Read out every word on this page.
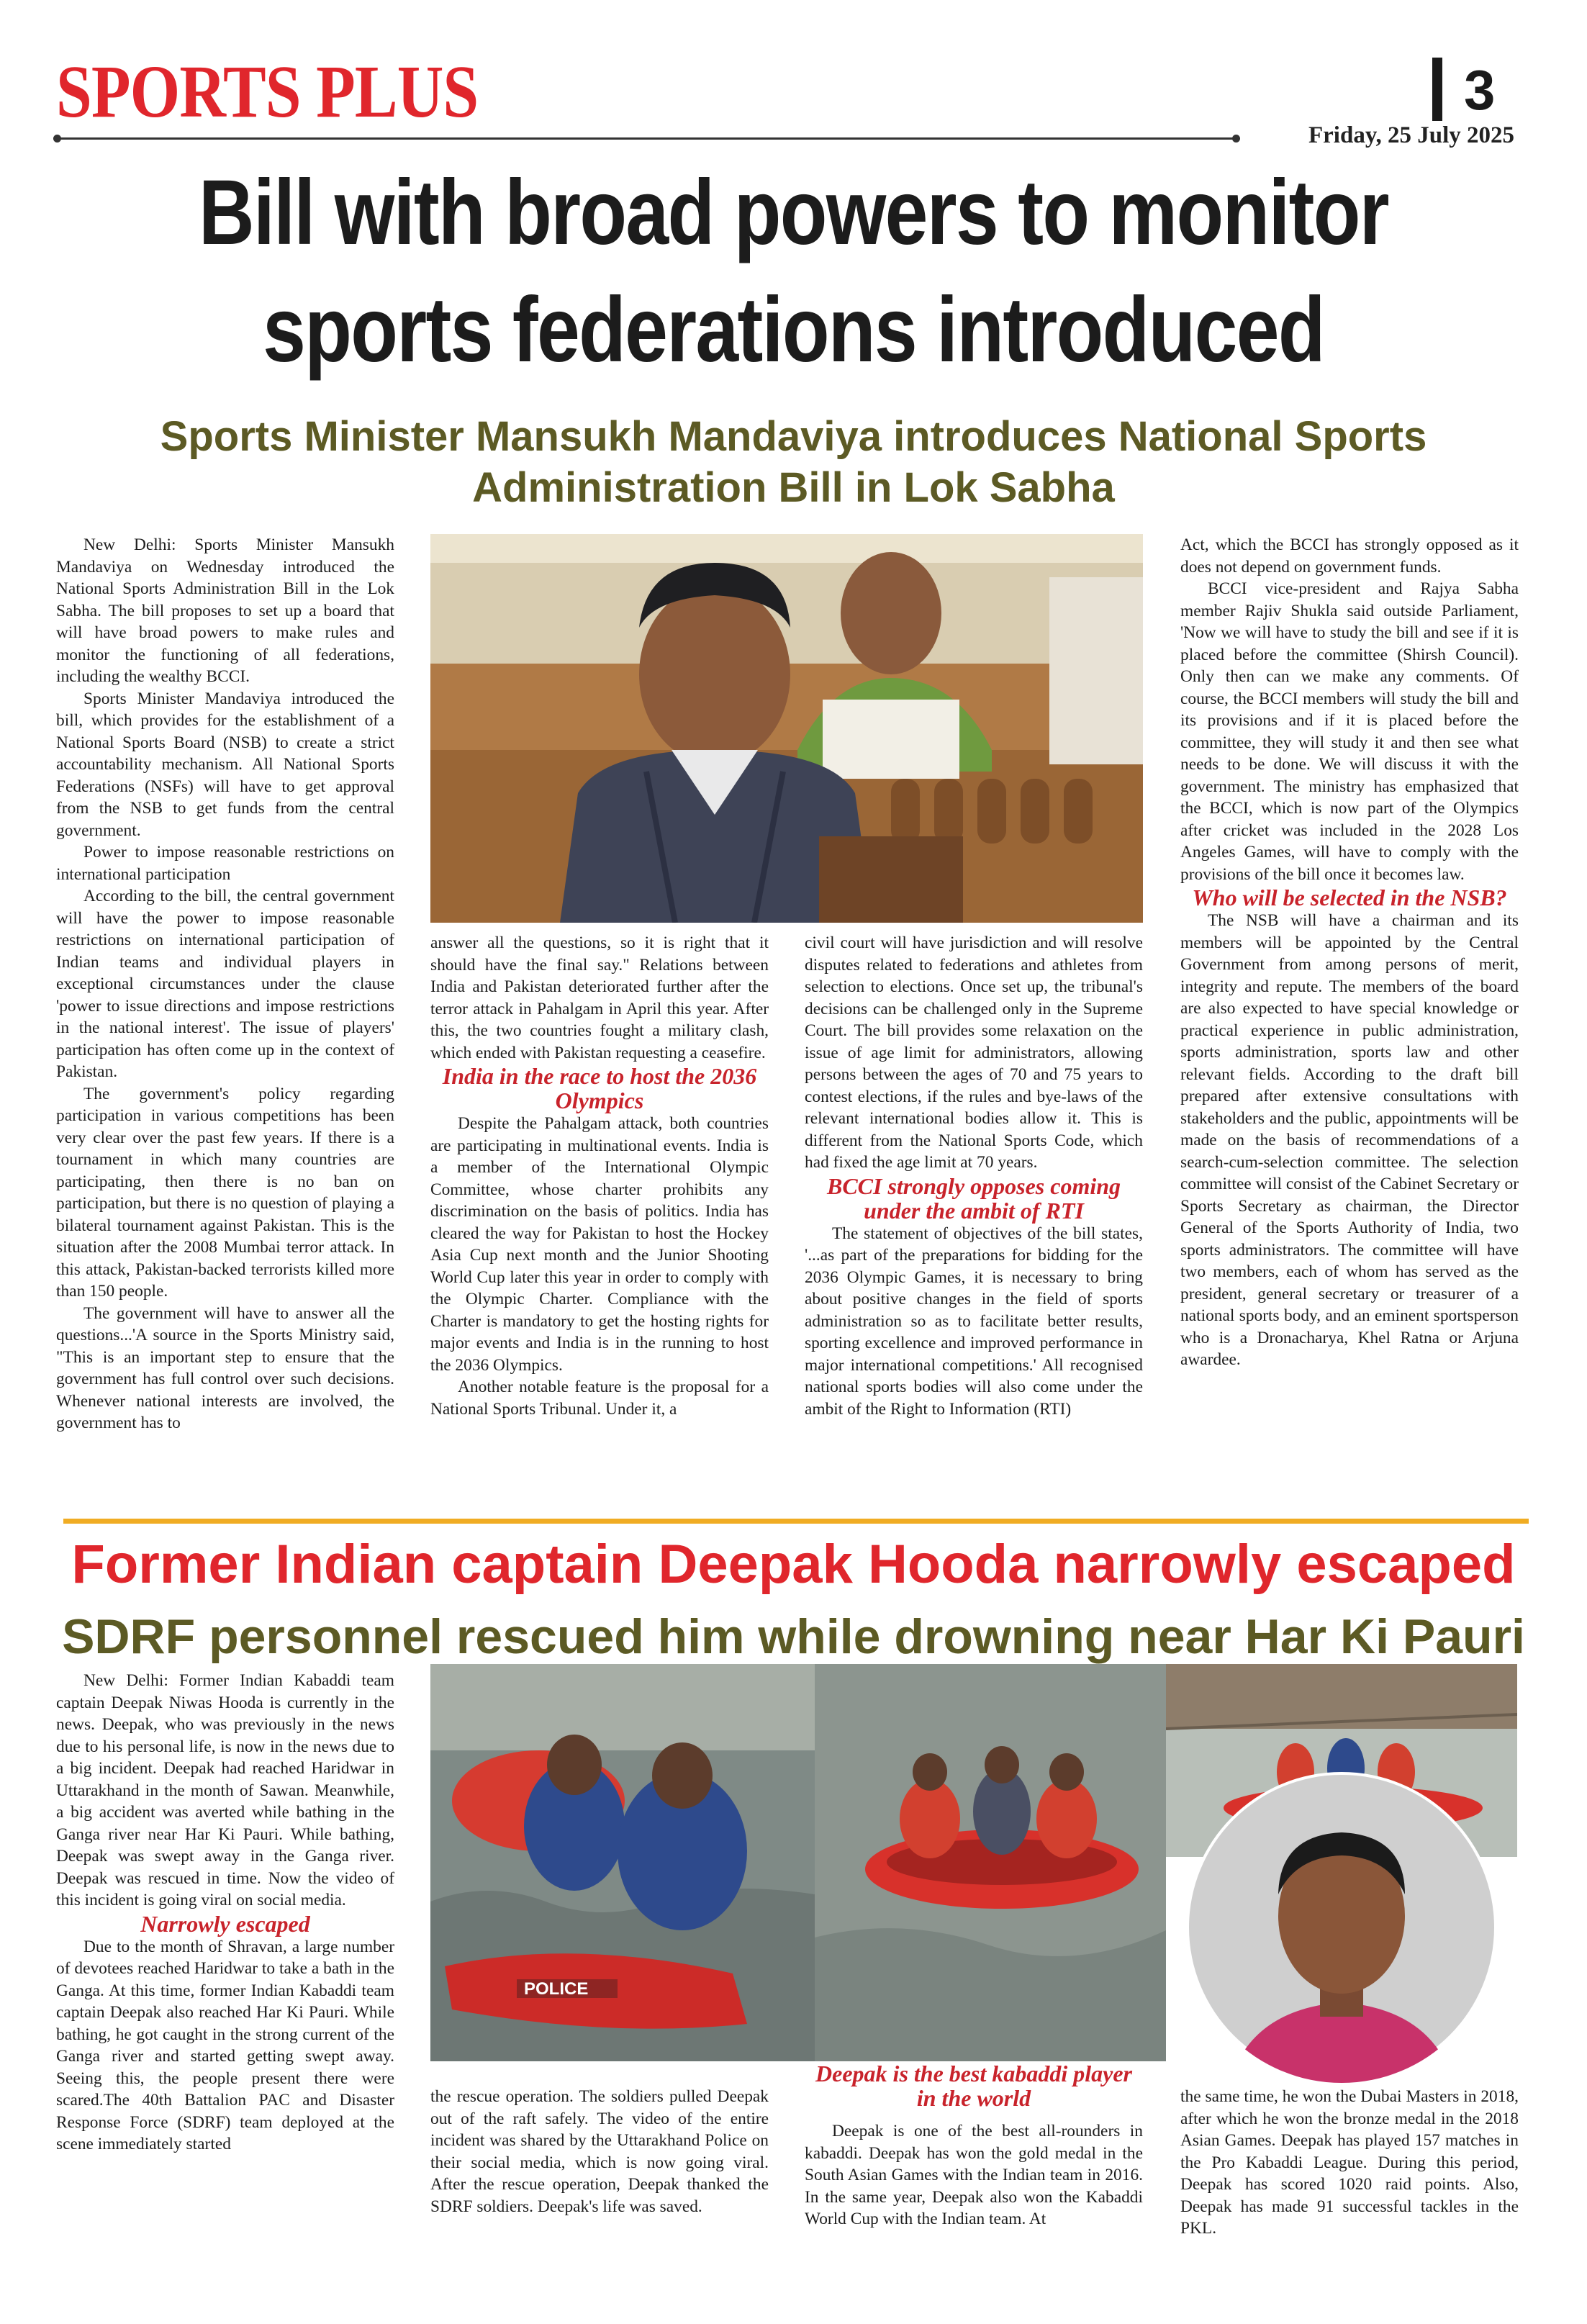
SPORTS PLUS	3
Friday, 25 July 2025
Bill with broad powers to monitor
sports federations introduced
Sports Minister Mansukh Mandaviya introduces National Sports
Administration Bill in Lok Sabha

New Delhi: Sports Minister Mansukh Mandaviya on Wednesday introduced the National Sports Administration Bill in the Lok Sabha. The bill proposes to set up a board that will have broad powers to make rules and monitor the functioning of all federations, including the wealthy BCCI.

Sports Minister Mandaviya introduced the bill, which provides for the establishment of a National Sports Board (NSB) to create a strict accountability mechanism. All National Sports Federations (NSFs) will have to get approval from the NSB to get funds from the central government.

Power to impose reasonable restrictions on international participation

According to the bill, the central government will have the power to impose reasonable restrictions on international participation of Indian teams and individual players in exceptional circumstances under the clause 'power to issue directions and impose restrictions in the national interest'. The issue of players' participation has often come up in the context of Pakistan.

The government's policy regarding participation in various competitions has been very clear over the past few years. If there is a tournament in which many countries are participating, then there is no ban on participation, but there is no question of playing a bilateral tournament against Pakistan. This is the situation after the 2008 Mumbai terror attack. In this attack, Pakistan-backed terrorists killed more than 150 people.

The government will have to answer all the questions...'A source in the Sports Ministry said, "This is an important step to ensure that the government has full control over such decisions. Whenever national interests are involved, the government has to

answer all the questions, so it is right that it should have the final say." Relations between India and Pakistan deteriorated further after the terror attack in Pahalgam in April this year. After this, the two countries fought a military clash, which ended with Pakistan requesting a ceasefire.

India in the race to host the 2036 Olympics

Despite the Pahalgam attack, both countries are participating in multinational events. India is a member of the International Olympic Committee, whose charter prohibits any discrimination on the basis of politics. India has cleared the way for Pakistan to host the Hockey Asia Cup next month and the Junior Shooting World Cup later this year in order to comply with the Olympic Charter. Compliance with the Charter is mandatory to get the hosting rights for major events and India is in the running to host the 2036 Olympics.

Another notable feature is the proposal for a National Sports Tribunal. Under it, a

civil court will have jurisdiction and will resolve disputes related to federations and athletes from selection to elections. Once set up, the tribunal's decisions can be challenged only in the Supreme Court. The bill provides some relaxation on the issue of age limit for administrators, allowing persons between the ages of 70 and 75 years to contest elections, if the rules and bye-laws of the relevant international bodies allow it. This is different from the National Sports Code, which had fixed the age limit at 70 years.

BCCI strongly opposes coming under the ambit of RTI

The statement of objectives of the bill states, '...as part of the preparations for bidding for the 2036 Olympic Games, it is necessary to bring about positive changes in the field of sports administration so as to facilitate better results, sporting excellence and improved performance in major international competitions.' All recognised national sports bodies will also come under the ambit of the Right to Information (RTI)

Act, which the BCCI has strongly opposed as it does not depend on government funds.

BCCI vice-president and Rajya Sabha member Rajiv Shukla said outside Parliament, 'Now we will have to study the bill and see if it is placed before the committee (Shirsh Council). Only then can we make any comments. Of course, the BCCI members will study the bill and its provisions and if it is placed before the committee, they will study it and then see what needs to be done. We will discuss it with the government. The ministry has emphasized that the BCCI, which is now part of the Olympics after cricket was included in the 2028 Los Angeles Games, will have to comply with the provisions of the bill once it becomes law.

Who will be selected in the NSB?

The NSB will have a chairman and its members will be appointed by the Central Government from among persons of merit, integrity and repute. The members of the board are also expected to have special knowledge or practical experience in public administration, sports administration, sports law and other relevant fields. According to the draft bill prepared after extensive consultations with stakeholders and the public, appointments will be made on the basis of recommendations of a search-cum-selection committee. The selection committee will consist of the Cabinet Secretary or Sports Secretary as chairman, the Director General of the Sports Authority of India, two sports administrators. The committee will have two members, each of whom has served as the president, general secretary or treasurer of a national sports body, and an eminent sportsperson who is a Dronacharya, Khel Ratna or Arjuna awardee.

Former Indian captain Deepak Hooda narrowly escaped
SDRF personnel rescued him while drowning near Har Ki Pauri

New Delhi: Former Indian Kabaddi team captain Deepak Niwas Hooda is currently in the news. Deepak, who was previously in the news due to his personal life, is now in the news due to a big incident. Deepak had reached Haridwar in Uttarakhand in the month of Sawan. Meanwhile, a big accident was averted while bathing in the Ganga river near Har Ki Pauri. While bathing, Deepak was swept away in the Ganga river. Deepak was rescued in time. Now the video of this incident is going viral on social media.

Narrowly escaped

Due to the month of Shravan, a large number of devotees reached Haridwar to take a bath in the Ganga. At this time, former Indian Kabaddi team captain Deepak also reached Har Ki Pauri. While bathing, he got caught in the strong current of the Ganga river and started getting swept away. Seeing this, the people present there were scared.The 40th Battalion PAC and Disaster Response Force (SDRF) team deployed at the scene immediately started

POLICE

the rescue operation. The soldiers pulled Deepak out of the raft safely. The video of the entire incident was shared by the Uttarakhand Police on their social media, which is now going viral. After the rescue operation, Deepak thanked the SDRF soldiers. Deepak's life was saved.

Deepak is the best kabaddi player in the world

Deepak is one of the best all-rounders in kabaddi. Deepak has won the gold medal in the South Asian Games with the Indian team in 2016. In the same year, Deepak also won the Kabaddi World Cup with the Indian team. At

the same time, he won the Dubai Masters in 2018, after which he won the bronze medal in the 2018 Asian Games. Deepak has played 157 matches in the Pro Kabaddi League. During this period, Deepak has scored 1020 raid points. Also, Deepak has made 91 successful tackles in the PKL.
